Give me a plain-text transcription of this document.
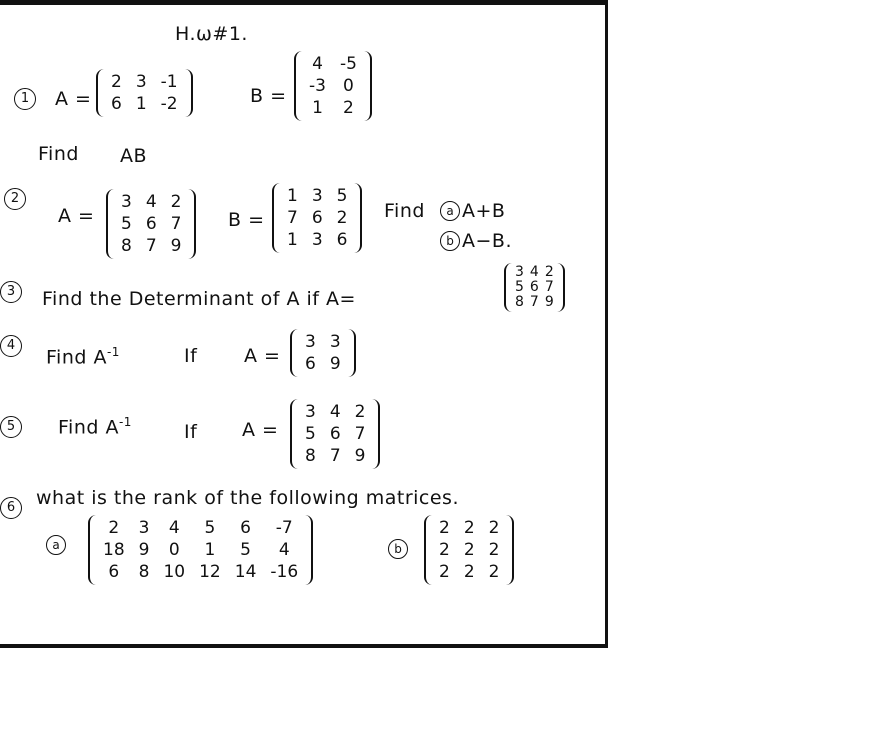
H.ω#1.
1	A =
2	3	-1
6	1	-2	B =
4	-5
-3	0
1	2
Find AB
2
A =
3	4	2
5	6	7
8	7	9
B =
1	3	5
7	6	2
1	3	6
Find	a A+B
b A−B.
3	Find the Determinant of A if A=
3	4	2
5	6	7
8	7	9
4
Find $A^{-1}$	If A =
3	3
6	9
5	Find $A^{-1}$	If A =
3	4	2
5	6	7
8	7	9
6	what is the rank of the following matrices.
a
2	3	4	5	6	-7
18	9	0	1	5	4
6	8	10	12	14	-16
b
2	2	2
2	2	2
2	2	2
